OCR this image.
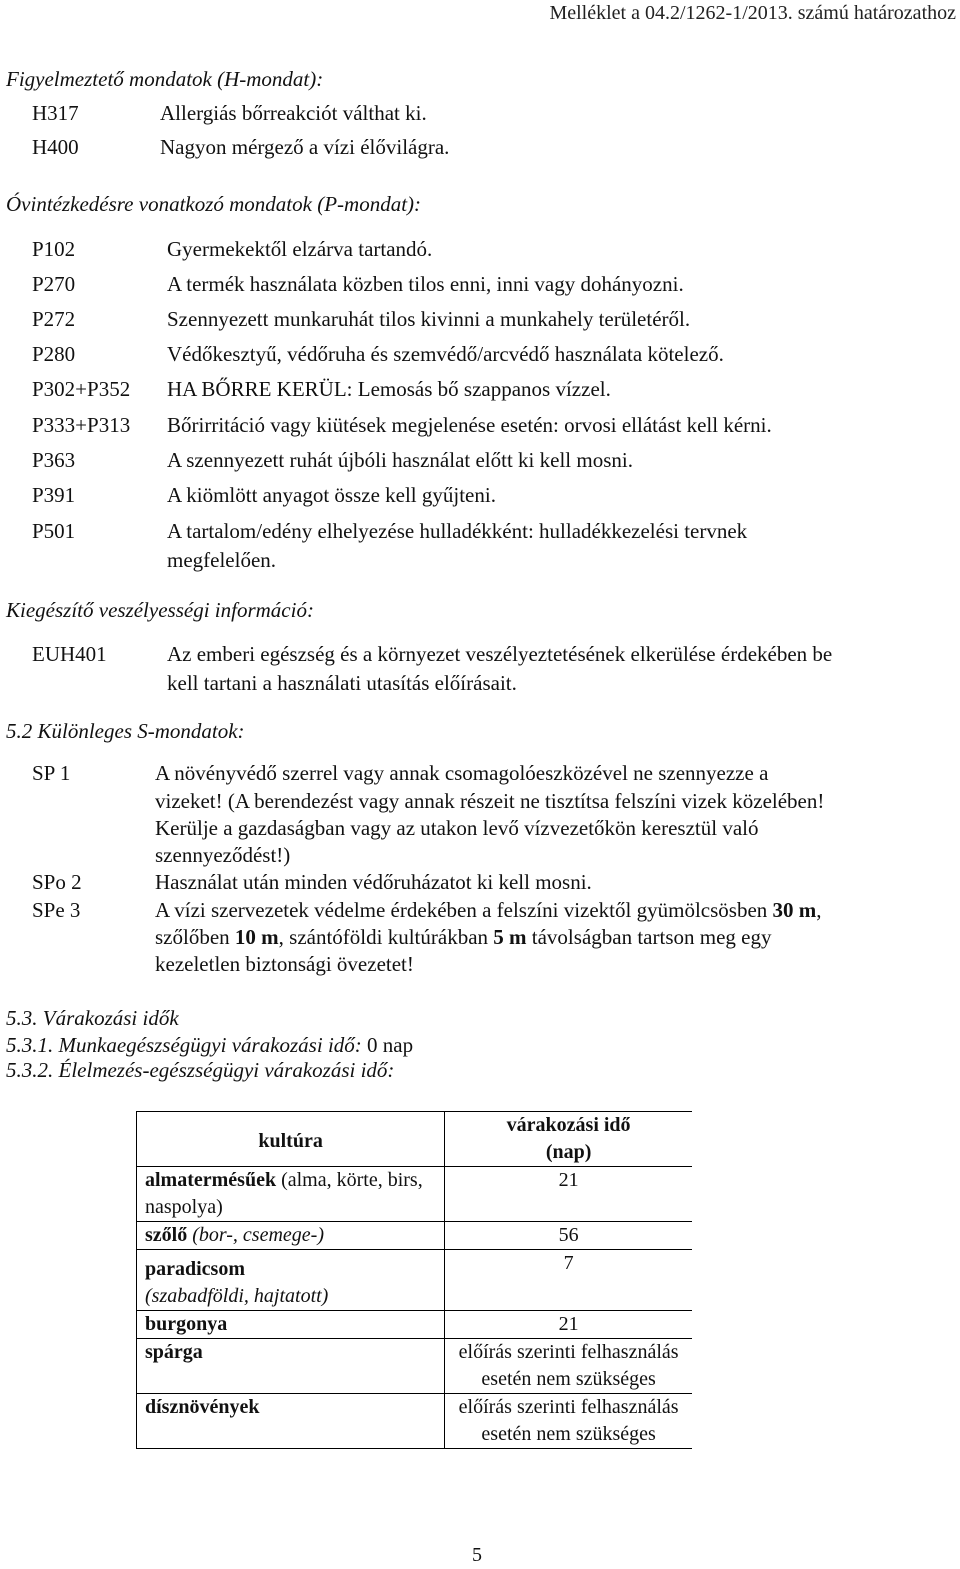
Melléklet a 04.2/1262-1/2013. számú határozathoz
Figyelmeztető mondatok (H-mondat):
H317	Allergiás bőrreakciót válthat ki.
H400	Nagyon mérgező a vízi élővilágra.
Óvintézkedésre vonatkozó mondatok (P-mondat):
P102	Gyermekektől elzárva tartandó.
P270	A termék használata közben tilos enni, inni vagy dohányozni.
P272	Szennyezett munkaruhát tilos kivinni a munkahely területéről.
P280	Védőkesztyű, védőruha és szemvédő/arcvédő használata kötelező.
P302+P352 HA BŐRRE KERÜL: Lemosás bő szappanos vízzel.
P333+P313 Bőrirritáció vagy kiütések megjelenése esetén: orvosi ellátást kell kérni.
P363	A szennyezett ruhát újbóli használat előtt ki kell mosni.
P391	A kiömlött anyagot össze kell gyűjteni.
P501	A tartalom/edény elhelyezése hulladékként: hulladékkezelési tervnek
megfelelően.
Kiegészítő veszélyességi információ:
EUH401	Az emberi egészség és a környezet veszélyeztetésének elkerülése érdekében be
kell tartani a használati utasítás előírásait.
5.2 Különleges S-mondatok:
SP 1	A növényvédő szerrel vagy annak csomagolóeszközével ne szennyezze a
vizeket! (A berendezést vagy annak részeit ne tisztítsa felszíni vizek közelében!
Kerülje a gazdaságban vagy az utakon levő vízvezetőkön keresztül való
szennyeződést!)
SPo 2	Használat után minden védőruházatot ki kell mosni.
SPe 3	A vízi szervezetek védelme érdekében a felszíni vizektől gyümölcsösben 30 m,
szőlőben 10 m, szántóföldi kultúrákban 5 m távolságban tartson meg egy
kezeletlen biztonsági övezetet!
5.3. Várakozási idők
5.3.1. Munkaegészségügyi várakozási idő: 0 nap
5.3.2. Élelmezés-egészségügyi várakozási idő:
kultúra	várakozási idő
(nap)

almatermésűek (alma, körte, birs,
naspolya)	21

szőlő (bor-, csemege-)	56

paradicsom
(szabadföldi, hajtatott)	7

burgonya	21
spárga	előírás szerinti felhasználás
esetén nem szükséges

dísznövények	előírás szerinti felhasználás
esetén nem szükséges
5
